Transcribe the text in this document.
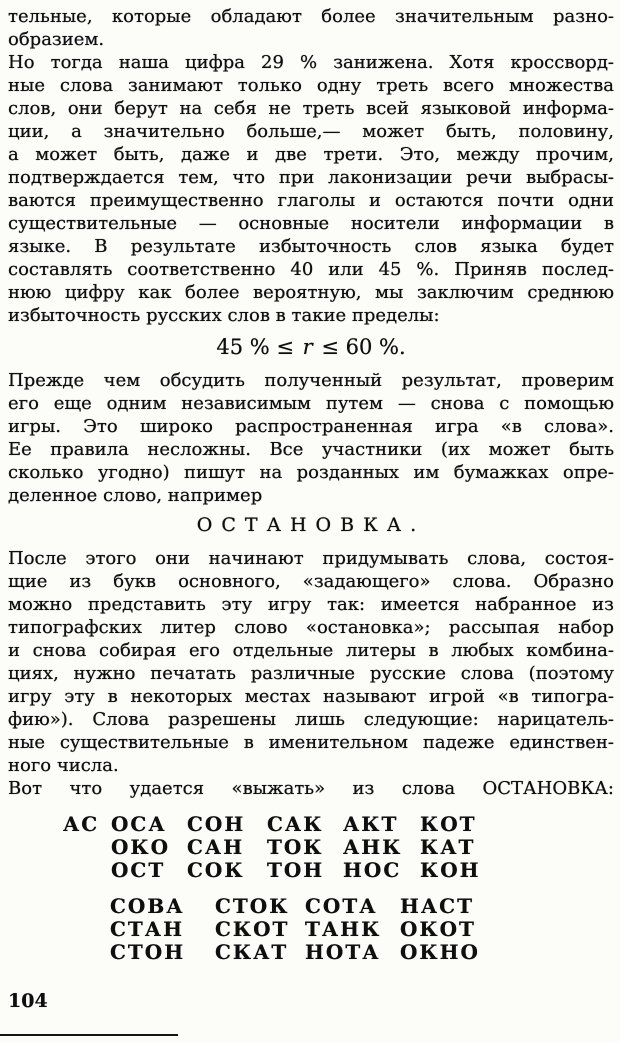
тельные, которые обладают более значительным разно-
образием.
Но тогда наша цифра 29 % занижена. Хотя кроссворд-
ные слова занимают только одну треть всего множества
слов, они берут на себя не треть всей языковой информа-
ции, а значительно больше,— может быть, половину,
а может быть, даже и две трети. Это, между прочим,
подтверждается тем, что при лаконизации речи выбрасы-
ваются преимущественно глаголы и остаются почти одни
существительные — основные носители информации в
языке. В результате избыточность слов языка будет
составлять соответственно 40 или 45 %. Приняв послед-
нюю цифру как более вероятную, мы заключим среднюю
избыточность русских слов в такие пределы:
45 % ≤ r ≤ 60 %.
Прежде чем обсудить полученный результат, проверим
его еще одним независимым путем — снова с помощью
игры. Это широко распространенная игра «в слова».
Ее правила несложны. Все участники (их может быть
сколько угодно) пишут на розданных им бумажках опре-
деленное слово, например
ОСТАНОВКА.
После этого они начинают придумывать слова, состоя-
щие из букв основного, «задающего» слова. Образно
можно представить эту игру так: имеется набранное из
типографских литер слово «остановка»; рассыпая набор
и снова собирая его отдельные литеры в любых комбина-
циях, нужно печатать различные русские слова (поэтому
игру эту в некоторых местах называют игрой «в типогра-
фию»). Слова разрешены лишь следующие: нарицатель-
ные существительные в именительном падеже единствен-
ного числа.
Вот что удается «выжать» из слова ОСТАНОВКА:
АС ОСА	СОН	САК АКТ	КОТ
ОКО САН	ТОК АНК КАТ
ОСТ	СОК	ТОН НОС КОН
СОВА	СТОК СОТА	НАСТ
СТАН	СКОТ ТАНК ОКОТ
СТОН	СКАТ НОТА ОКНО
104
